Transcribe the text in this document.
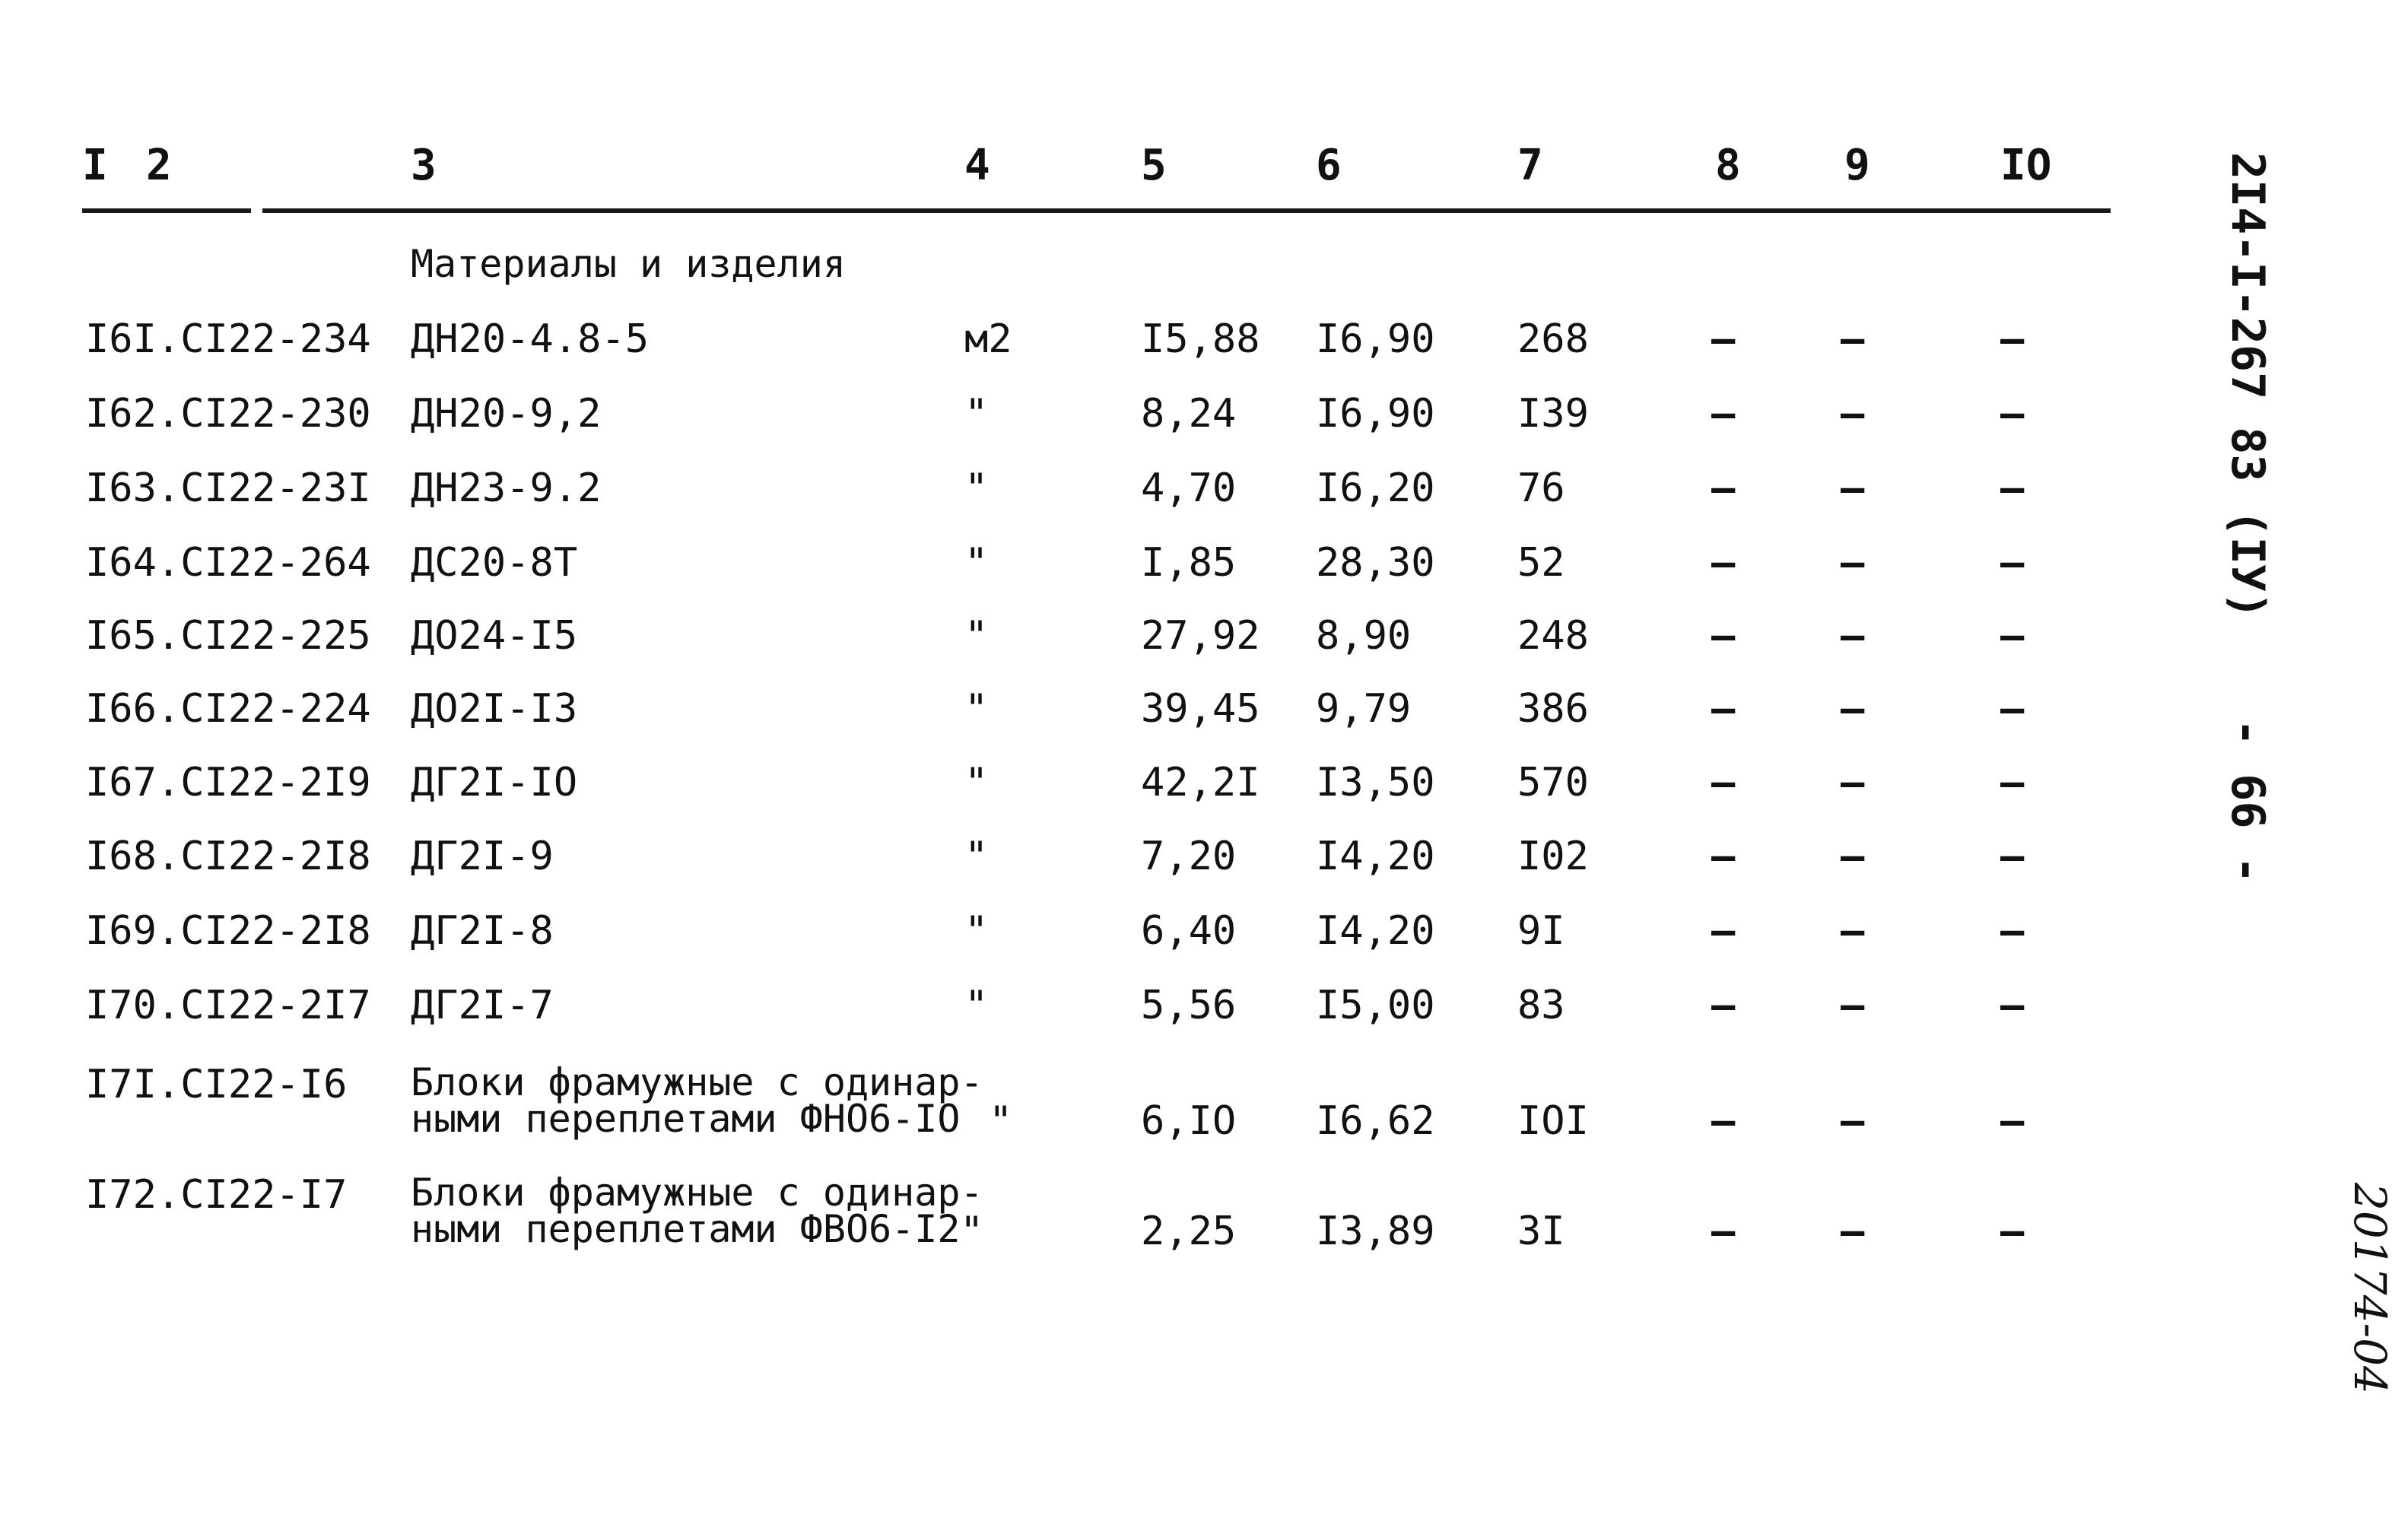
I 2	3	4	5	6	7	8 9	IO
Материалы и изделия
I6I.CI22-234 ДН20-4.8-5	м2	I5,88 I6,90 268	–	–	–
I62.CI22-230 ДН20-9,2	"	8,24 I6,90 I39	–	–	–
I63.CI22-23I ДН23-9.2	"	4,70 I6,20 76	–	–	–
I64.CI22-264 ДС20-8Т	"	I,85 28,30 52	–	–	–
I65.CI22-225 ДО24-I5	"	27,92 8,90	248	–	–	–
I66.CI22-224 ДО2I-I3	"	39,45 9,79	386	–	–	–
I67.CI22-2I9 ДГ2I-IO	"	42,2I I3,50 570	–	–	–
I68.CI22-2I8 ДГ2I-9	"	7,20 I4,20 I02	–	–	–
I69.CI22-2I8 ДГ2I-8	"	6,40 I4,20 9I	–	–	–
I70.CI22-2I7 ДГ2I-7	"	5,56 I5,00 83	–	–	–
I7I.CI22-I6 Блоки фрамужные с одинар-
ными переплетами ФНО6-IО "	6,IO I6,62 IOI	–	–	–
I72.CI22-I7 Блоки фрамужные с одинар-
ными переплетами ФВО6-I2 "	2,25 I3,89 3I	–	–	–
2I4-I-267 83 (IУ)
- 66 -
20174-04
